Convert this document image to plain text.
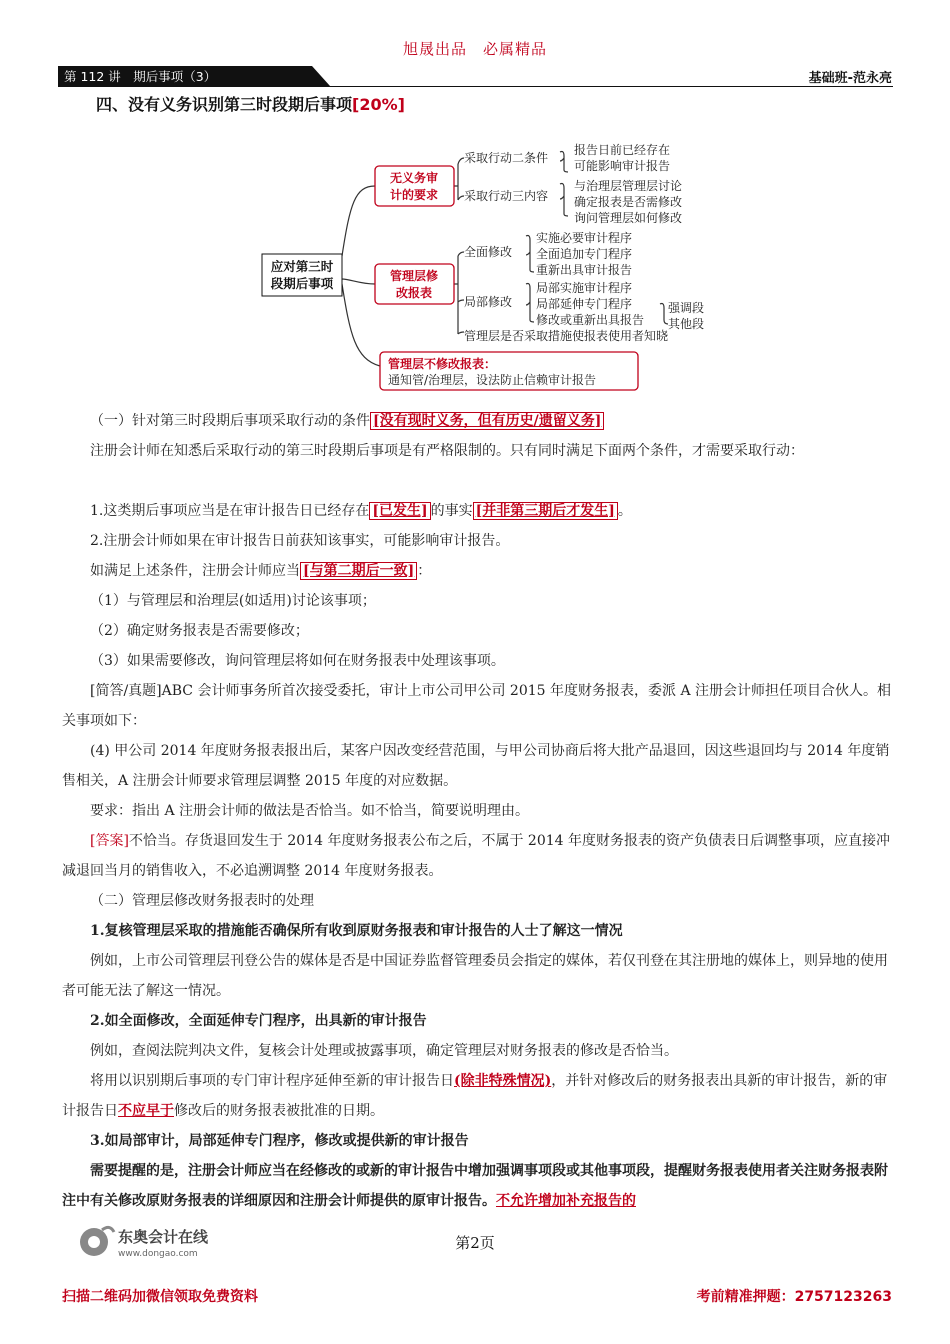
旭晟出品　必属精品
第 112 讲　期后事项（3）	基础班-范永亮
四、没有义务识别第三时段期后事项[20%]
应对第三时
段期后事项
无义务审
计的要求
采取行动二条件
报告日前已经存在
可能影响审计报告
采取行动三内容
与治理层管理层讨论
确定报表是否需修改
询问管理层如何修改
管理层修
改报表
全面修改
实施必要审计程序
全面追加专门程序
重新出具审计报告
局部修改
局部实施审计程序
局部延伸专门程序
修改或重新出具报告
强调段
其他段
管理层是否采取措施使报表使用者知晓
管理层不修改报表：
通知管/治理层，设法防止信赖审计报告
（一）针对第三时段期后事项采取行动的条件 [没有现时义务，但有历史/遗留义务]
注册会计师在知悉后采取行动的第三时段期后事项是有严格限制的。只有同时满足下面两个条件，才需要采取行动：
1.这类期后事项应当是在审计报告日已经存在 [已发生] 的事实 [并非第三期后才发生] 。
2.注册会计师如果在审计报告日前获知该事实，可能影响审计报告。
如满足上述条件，注册会计师应当 [与第二期后一致] ：
（1）与管理层和治理层(如适用)讨论该事项；
（2）确定财务报表是否需要修改；
（3）如果需要修改，询问管理层将如何在财务报表中处理该事项。
[简答/真题]ABC 会计师事务所首次接受委托，审计上市公司甲公司 2015 年度财务报表，委派 A 注册会计师担任项目合伙人。相关事项如下：
(4) 甲公司 2014 年度财务报表报出后，某客户因改变经营范围，与甲公司协商后将大批产品退回，因这些退回均与 2014 年度销售相关，A 注册会计师要求管理层调整 2015 年度的对应数据。
要求：指出 A 注册会计师的做法是否恰当。如不恰当，简要说明理由。
[答案]不恰当。存货退回发生于 2014 年度财务报表公布之后，不属于 2014 年度财务报表的资产负债表日后调整事项，应直接冲减退回当月的销售收入，不必追溯调整 2014 年度财务报表。
（二）管理层修改财务报表时的处理
1.复核管理层采取的措施能否确保所有收到原财务报表和审计报告的人士了解这一情况
例如，上市公司管理层刊登公告的媒体是否是中国证券监督管理委员会指定的媒体，若仅刊登在其注册地的媒体上，则异地的使用者可能无法了解这一情况。
2.如全面修改，全面延伸专门程序，出具新的审计报告
例如，查阅法院判决文件，复核会计处理或披露事项，确定管理层对财务报表的修改是否恰当。
将用以识别期后事项的专门审计程序延伸至新的审计报告日(除非特殊情况)，并针对修改后的财务报表出具新的审计报告，新的审计报告日不应早于修改后的财务报表被批准的日期。
3.如局部审计，局部延伸专门程序，修改或提供新的审计报告
需要提醒的是，注册会计师应当在经修改的或新的审计报告中增加强调事项段或其他事项段，提醒财务报表使用者关注财务报表附注中有关修改原财务报表的详细原因和注册会计师提供的原审计报告。不允许增加补充报告的
东奥会计在线
www.dongao.com
第2页
扫描二维码加微信领取免费资料	考前精准押题：2757123263
